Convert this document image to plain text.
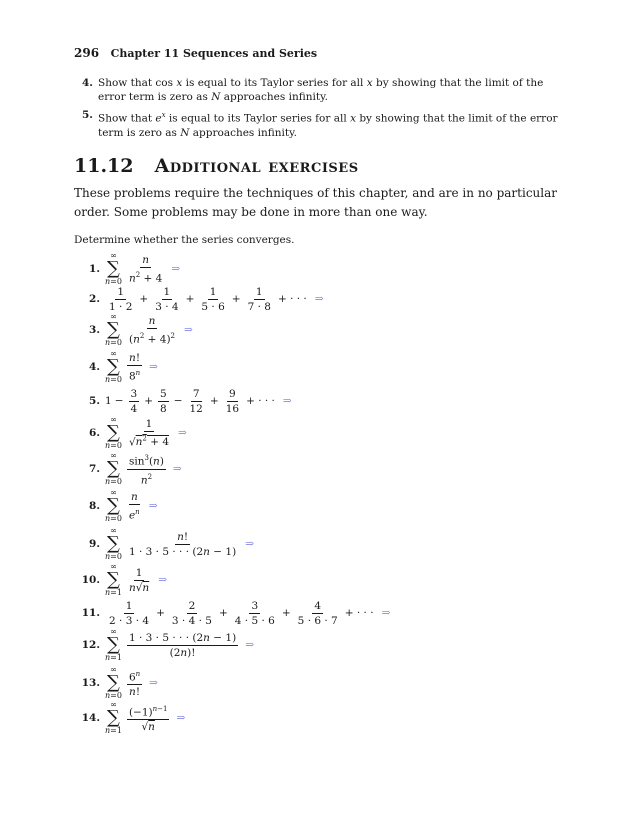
296 Chapter 11 Sequences and Series
4. Show that cos x is equal to its Taylor series for all x by showing that the limit of the error term is zero as N approaches infinity.
5. Show that $e^x$ is equal to its Taylor series for all x by showing that the limit of the error term is zero as N approaches infinity.
11.12 Additional exercises
These problems require the techniques of this chapter, and are in no particular order. Some problems may be done in more than one way.
Determine whether the series converges.
1.
∞
∑
$n=0 \frac{n}{n^2 + 4}$ ⇒
2. $\frac{1}{1 \cdot 2} + \frac{1}{3 \cdot 4} + \frac{1}{5 \cdot 6} + \frac{1}{7 \cdot 8}$ + · · · ⇒
3.
∞
∑
$n=0 \frac{n}{(n^2 + 4)^2}$ ⇒
4.
∞
∑
$n=0 \frac{n!}{8^n}$ ⇒
5. $1 - \frac{3}{4} + \frac{5}{8} - \frac{7}{12} + \frac{9}{16}$ + · · · ⇒
6.
∞
∑
$n=0 \frac{1}{√n^2 + 4}$ ⇒
7.
∞
∑
$n=0 \frac{\sin^3(n)}{n^2}$ ⇒
8.
∞
∑
$n=0 \frac{n}{e^n}$ ⇒
9.
∞
∑
$n=0 \frac{n!}{1 \cdot 3 \cdot 5 \cdot \cdot \cdot (2n - 1)}$ ⇒
10.
∞
∑
$n=1 \frac{1}{n√n}$ ⇒
11. $\frac{1}{2 \cdot 3 \cdot 4} + \frac{2}{3 \cdot 4 \cdot 5} + \frac{3}{4 \cdot 5 \cdot 6} + \frac{4}{5 \cdot 6 \cdot 7}$ + · · · ⇒
12.
∞
∑
$n=1 \frac{1 \cdot 3 \cdot 5 \cdot \cdot \cdot (2n - 1)}{(2n)!}$ ⇒
13.
∞
∑
$n=0 \frac{6^n}{n!}$ ⇒
14.
∞
∑
$n=1 \frac{(-1)^{n-1}}{√n}$ ⇒
